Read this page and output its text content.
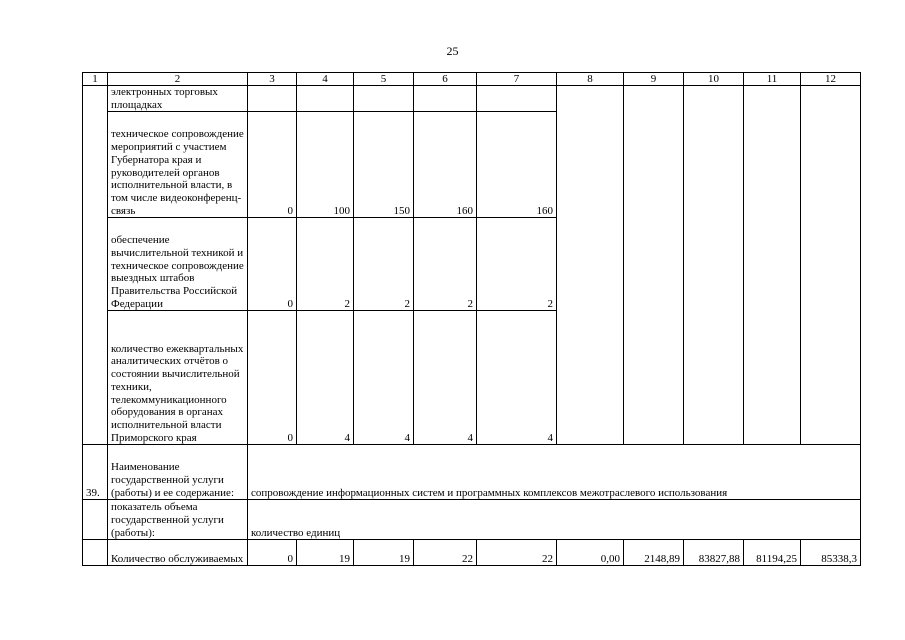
25
1	2	3	4	5	6	7	8	9	10	11	12
	электронных торговых площадках										
	техническое сопровождение мероприятий с участием Губернатора края и руководителей органов исполнительной власти, в том числе видеоконференц-связь	0	100	150	160	160					
	обеспечение вычислительной техникой и техническое сопровождение выездных штабов Правительства Российской Федерации	0	2	2	2	2					
	количество ежеквартальных аналитических отчётов о состоянии вычислительной техники, телекоммуникационного оборудования в органах исполнительной власти Приморского края	0	4	4	4	4					
39.	Наименование государственной услуги (работы) и ее содержание:	сопровождение информационных систем и программных комплексов межотраслевого использования									
	показатель объема государственной услуги (работы):	количество единиц									
	Количество обслуживаемых	0	19	19	22	22	0,00	2148,89	83827,88	81194,25	85338,3
